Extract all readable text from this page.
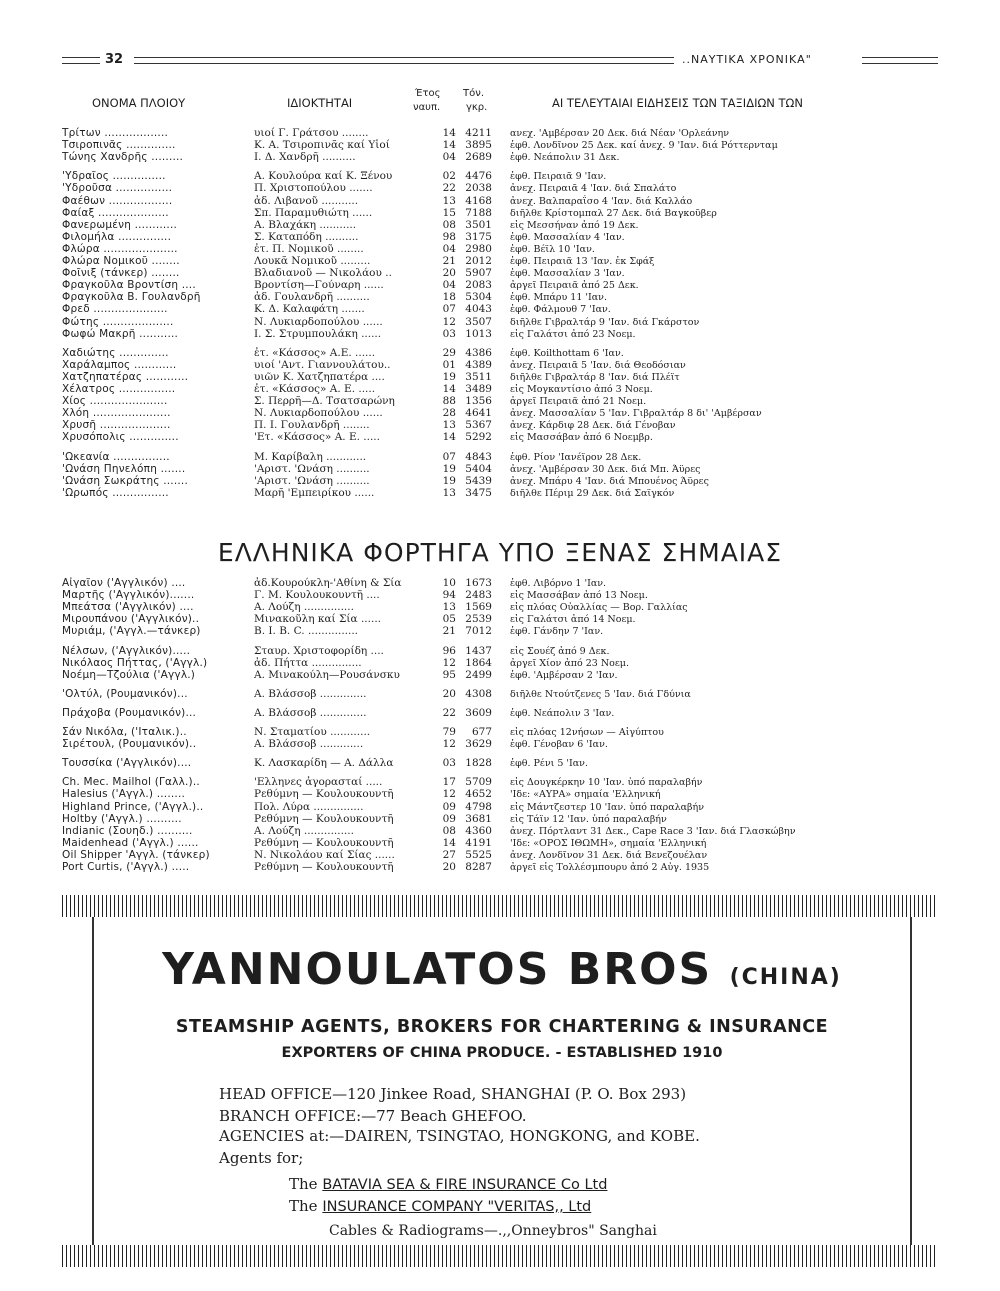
32	..ΝΑΥΤΙΚΑ ΧΡΟΝΙΚΑ"
ΟΝΟΜΑ ΠΛΟΙΟΥ	ΙΔΙΟΚΤΗΤΑΙ
Έτος
ναυπ.
Τόν.
γκρ.	ΑΙ ΤΕΛΕΥΤΑΙΑΙ ΕΙΔΗΣΕΙΣ ΤΩΝ ΤΑΞΙΔΙΩΝ ΤΩΝ
Τρίτων ..................	υιοί Γ. Γράτσου ........	14 4211 ανεχ. 'Αμβέρσαν 20 Δεκ. διά Νέαν 'Ορλεάνην
Τσιροπινᾶς ..............	Κ. Α. Τσιροπινᾶς καί Υἱοί	14 3895 ἐφθ. Λονδῖνον 25 Δεκ. καί ἀνεχ. 9 'Ιαν. διά Ρόττερνταμ
Τώνης Χανδρῆς .........	Ι. Δ. Χανδρῆ ..........	04 2689 ἐφθ. Νεάπολιν 31 Δεκ.
'Υδραῖος ...............	Α. Κουλούρα καί Κ. Ξένου	02 4476 ἐφθ. Πειραιᾶ 9 'Ιαν.
'Υδροῦσα ................	Π. Χριστοπούλου .......	22 2038 ἀνεχ. Πειραιᾶ 4 'Ιαν. διά Σπαλάτο
Φαέθων ..................	ἀδ. Λιβανοῦ ...........	13 4168 ἀνεχ. Βαλπαραΐσο 4 'Ιαν. διά Καλλάο
Φαίαξ ....................	Σπ. Παραμυθιώτη ......	15 7188 διῆλθε Κρίστομπαλ 27 Δεκ. διά Βαγκοῦβερ
Φανερωμένη ............	Α. Βλαχάκη ...........	08 3501 εἰς Μεσσήναν ἀπό 19 Δεκ.
Φιλομήλα ...............	Σ. Καταπόδη ..........	98 3175 ἐφθ. Μασσαλίαν 4 'Ιαν.
Φλώρα .....................	ἐτ. Π. Νομικοῦ ........	04 2980 ἐφθ. Βέϊλ 10 'Ιαν.
Φλώρα Νομικοῦ ........	Λουκᾶ Νομικοῦ .........	21 2012 ἐφθ. Πειραιᾶ 13 'Ιαν. ἐκ Σφάξ
Φοῖνιξ (τάνκερ) ........	Βλαδιανοῦ — Νικολάου ..	20 5907 ἐφθ. Μασσαλίαν 3 'Ιαν.
Φραγκοῦλα Βροντίση ....	Βροντίση—Γούναρη ......	04 2083 ἀργεῖ Πειραιᾶ ἀπό 25 Δεκ.
Φραγκοῦλα Β. Γουλανδρῆ	ἀδ. Γουλανδρῆ ..........	18 5304 ἐφθ. Μπάρυ 11 'Ιαν.
Φρεδ .....................	Κ. Δ. Καλαφάτη .......	07 4043 ἐφθ. Φάλμουθ 7 'Ιαν.
Φώτης ....................	Ν. Λυκιαρδοπούλου ......	12 3507 διῆλθε Γιβραλτάρ 9 'Ιαν. διά Γκάρστον
Φωφώ Μακρῆ ...........	Ι. Σ. Στρυμπουλάκη ......	03 1013 εἰς Γαλάτσι ἀπό 23 Νοεμ.
Χαδιώτης ..............	ἐτ. «Κάσσος» Α.Ε. ......	29 4386 ἐφθ. Koilthottam 6 'Ιαν.
Χαράλαμπος ............	υιοί 'Αντ. Γιαννουλάτου..	01 4389 ἀνεχ. Πειραιᾶ 5 'Ιαν. διά Θεοδόσιαν
Χατζηπατέρας ............	υιῶν Κ. Χατζηπατέρα ....	19 3511 διῆλθε Γιβραλτάρ 8 'Ιαν. διά Πλέϊτ
Χέλατρος ................	ἐτ. «Κάσσος» Α. Ε. .....	14 3489 εἰς Μογκαντίσιο ἀπό 3 Νοεμ.
Χίος ......................	Σ. Περρῆ—Δ. Τσατσαρώνη	88 1356 ἀργεῖ Πειραιᾶ ἀπό 21 Νοεμ.
Χλόη ......................	Ν. Λυκιαρδοπούλου ......	28 4641 ἀνεχ. Μασσαλίαν 5 'Ιαν. Γιβραλτάρ 8 δι' 'Αμβέρσαν
Χρυσῆ ....................	Π. Ι. Γουλανδρῆ ........	13 5367 ἀνεχ. Κάρδιφ 28 Δεκ. διά Γένοβαν
Χρυσόπολις ..............	'Ετ. «Κάσσος» Α. Ε. .....	14 5292 εἰς Μασσάβαν ἀπό 6 Νοεμβρ.
'Ωκεανία ................	Μ. Καρίβαλη ............	07 4843 ἐφθ. Ρίον 'Ιανέϊρον 28 Δεκ.
'Ωνάση Πηνελόπη .......	'Αριστ. 'Ωνάση ..........	19 5404 ἀνεχ. 'Αμβέρσαν 30 Δεκ. διά Μπ. Άϋρες
'Ωνάση Σωκράτης .......	'Αριστ. 'Ωνάση ..........	19 5439 ἀνεχ. Μπάρυ 4 'Ιαν. διά Μπουένος Άϋρες
'Ωρωπός ................	Μαρῆ 'Εμπειρίκου ......	13 3475 διῆλθε Πέριμ 29 Δεκ. διά Σαϊγκόν
ΕΛΛΗΝΙΚΑ ΦΟΡΤΗΓΑ ΥΠΟ ΞΕΝΑΣ ΣΗΜΑΙΑΣ
Αἰγαῖον ('Αγγλικόν) ....	ἀδ.Κουρούκλη-'Αθίνη & Σία	10 1673 ἐφθ. Λιβόρνο 1 'Ιαν.
Μαρτῆς ('Αγγλικόν).......	Γ. Μ. Κουλουκουντῆ ....	94 2483 εἰς Μασσάβαν ἀπό 13 Νοεμ.
Μπεάτσα ('Αγγλικόν) ....	Α. Λούζη ...............	13 1569 εἰς πλόας Οὐαλλίας — Βορ. Γαλλίας
Μιρουπάνου ('Αγγλικόν)..	Μινακοῦλη καί Σία ......	05 2539 εἰς Γαλάτσι ἀπό 14 Νοεμ.
Μυριάμ, ('Αγγλ.—τάνκερ)	Β. Ι. Β. C. ...............	21 7012 ἐφθ. Γάνδην 7 'Ιαν.
Νέλσων, ('Αγγλικόν).....	Σταυρ. Χριστοφορίδη ....	96 1437 εἰς Σουέζ ἀπό 9 Δεκ.
Νικόλαος Πήττας, ('Αγγλ.)	ἀδ. Πήττα ...............	12 1864 ἀργεῖ Χίον ἀπό 23 Νοεμ.
Νοέμη—Τζούλια ('Αγγλ.)	Α. Μινακούλη—Ρουσάνσκυ	95 2499 ἐφθ. 'Αμβέρσαν 2 'Ιαν.
'Ολτύλ, (Ρουμανικόν)...	Α. Βλάσσοβ ..............	20 4308 διῆλθε Ντούτζενες 5 'Ιαν. διά Γδύνια
Πράχοβα (Ρουμανικόν)...	Α. Βλάσσοβ ..............	22 3609 ἐφθ. Νεάπολιν 3 'Ιαν.
Σάν Νικόλα, ('Ιταλικ.)..	Ν. Σταματίου ............	79	677 εἰς πλόας 12νήσων — Αἰγύπτου
Σιρέτουλ, (Ρουμανικόν)..	Α. Βλάσσοβ .............	12 3629 ἐφθ. Γένοβαν 6 'Ιαν.
Τουσσίκα ('Αγγλικόν)....	Κ. Λασκαρίδη — Α. Δάλλα	03 1828 ἐφθ. Ρένι 5 'Ιαν.
Ch. Mec. Mailhol (Γαλλ.)..	'Ελληνες ἀγορασταί .....	17 5709 εἰς Δουγκέρκην 10 'Ιαν. ὑπό παραλαβήν
Halesius ('Αγγλ.) ........	Ρεθύμνη — Κουλουκουντῆ	12 4652 'Ιδε: «ΑΥΡΑ» σημαία 'Ελληνική
Highland Prince, ('Αγγλ.)..	Πολ. Λύρα ...............	09 4798 εἰς Μάντζεστερ 10 'Ιαν. ὑπό παραλαβήν
Holtby ('Αγγλ.) ..........	Ρεθύμνη — Κουλουκουντῆ	09 3681 εἰς Τάϊν 12 'Ιαν. ὑπό παραλαβήν
Indianic (Σουηδ.) ..........	Α. Λούζη ...............	08 4360 ἀνεχ. Πόρτλαντ 31 Δεκ., Cape Race 3 'Ιαν. διά Γλασκώβην
Maidenhead ('Αγγλ.) ......	Ρεθύμνη — Κουλουκουντῆ	14 4191 'Ιδε: «ΟΡΟΣ ΙΘΩΜΗ», σημαία 'Ελληνική
Oil Shipper 'Αγγλ. (τάνκερ)	Ν. Νικολάου καί Σίας ......	27 5525 ἀνεχ. Λονδῖνον 31 Δεκ. διά Βενεζουέλαν
Port Curtis, ('Αγγλ.) .....	Ρεθύμνη — Κουλουκουντῆ	20 8287 ἀργεῖ εἰς Τολλέσμπουρυ ἀπό 2 Αὐγ. 1935
YANNOULATOS BROS (CHINA)
STEAMSHIP AGENTS, BROKERS FOR CHARTERING & INSURANCE
EXPORTERS OF CHINA PRODUCE. - ESTABLISHED 1910
HEAD OFFICE—120 Jinkee Road, SHANGHAI (P. O. Box 293)
BRANCH OFFICE:—77 Beach GHEFOO.
AGENCIES at:—DAIREN, TSINGTAO, HONGKONG, and KOBE.
Agents for;
The BATAVIA SEA & FIRE INSURANCE Co Ltd
The INSURANCE COMPANY "VERITAS,, Ltd
Cables & Radiograms—.,,Onneybros" Sanghai
